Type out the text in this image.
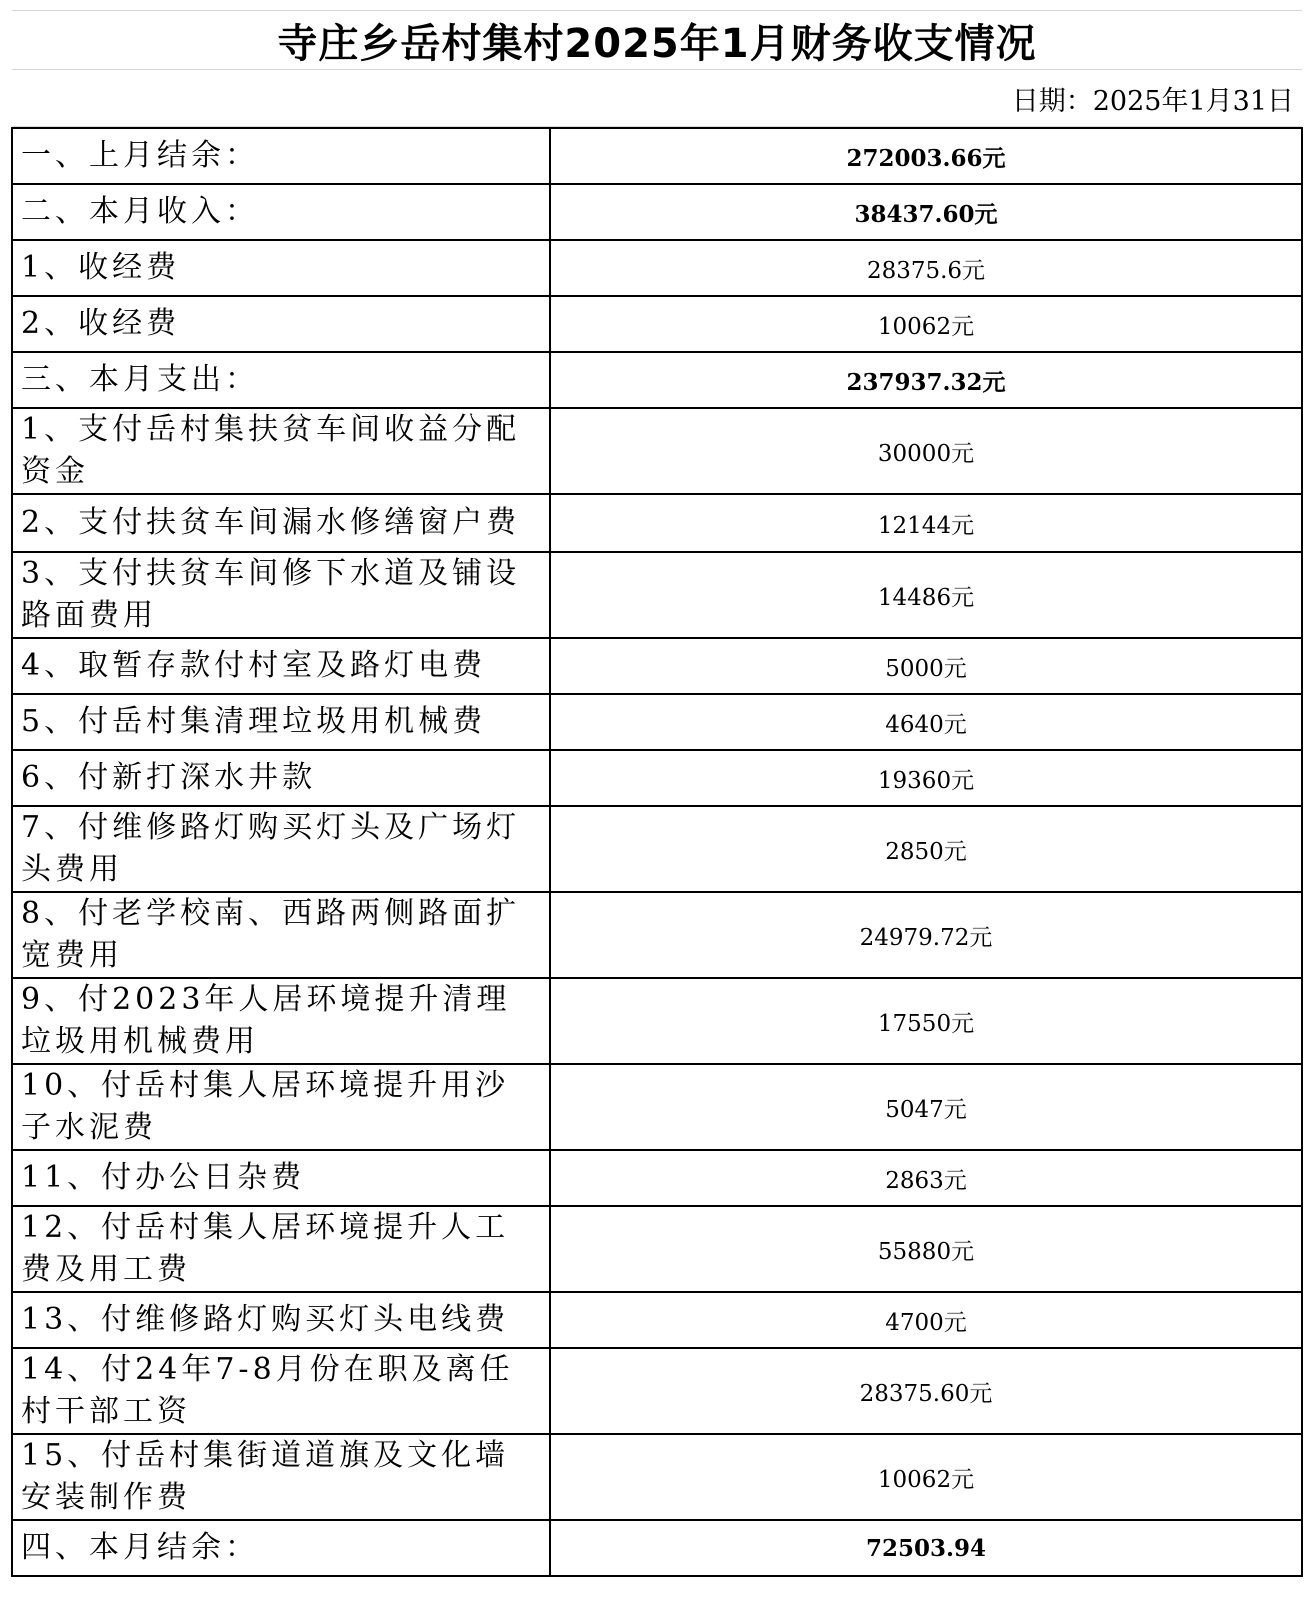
寺庄乡岳村集村2025年1月财务收支情况
日期：2025年1月31日
一、上月结余：	272003.66元
二、本月收入：	38437.60元
1、收经费	28375.6元
2、收经费	10062元
三、本月支出：	237937.32元
1、支付岳村集扶贫车间收益分配资金	30000元
2、支付扶贫车间漏水修缮窗户费	12144元
3、支付扶贫车间修下水道及铺设路面费用	14486元
4、取暂存款付村室及路灯电费	5000元
5、付岳村集清理垃圾用机械费	4640元
6、付新打深水井款	19360元
7、付维修路灯购买灯头及广场灯头费用	2850元
8、付老学校南、西路两侧路面扩宽费用	24979.72元
9、付2023年人居环境提升清理垃圾用机械费用	17550元
10、付岳村集人居环境提升用沙子水泥费	5047元
11、付办公日杂费	2863元
12、付岳村集人居环境提升人工费及用工费	55880元
13、付维修路灯购买灯头电线费	4700元
14、付24年7-8月份在职及离任村干部工资	28375.60元
15、付岳村集街道道旗及文化墙安装制作费	10062元
四、本月结余：	72503.94
